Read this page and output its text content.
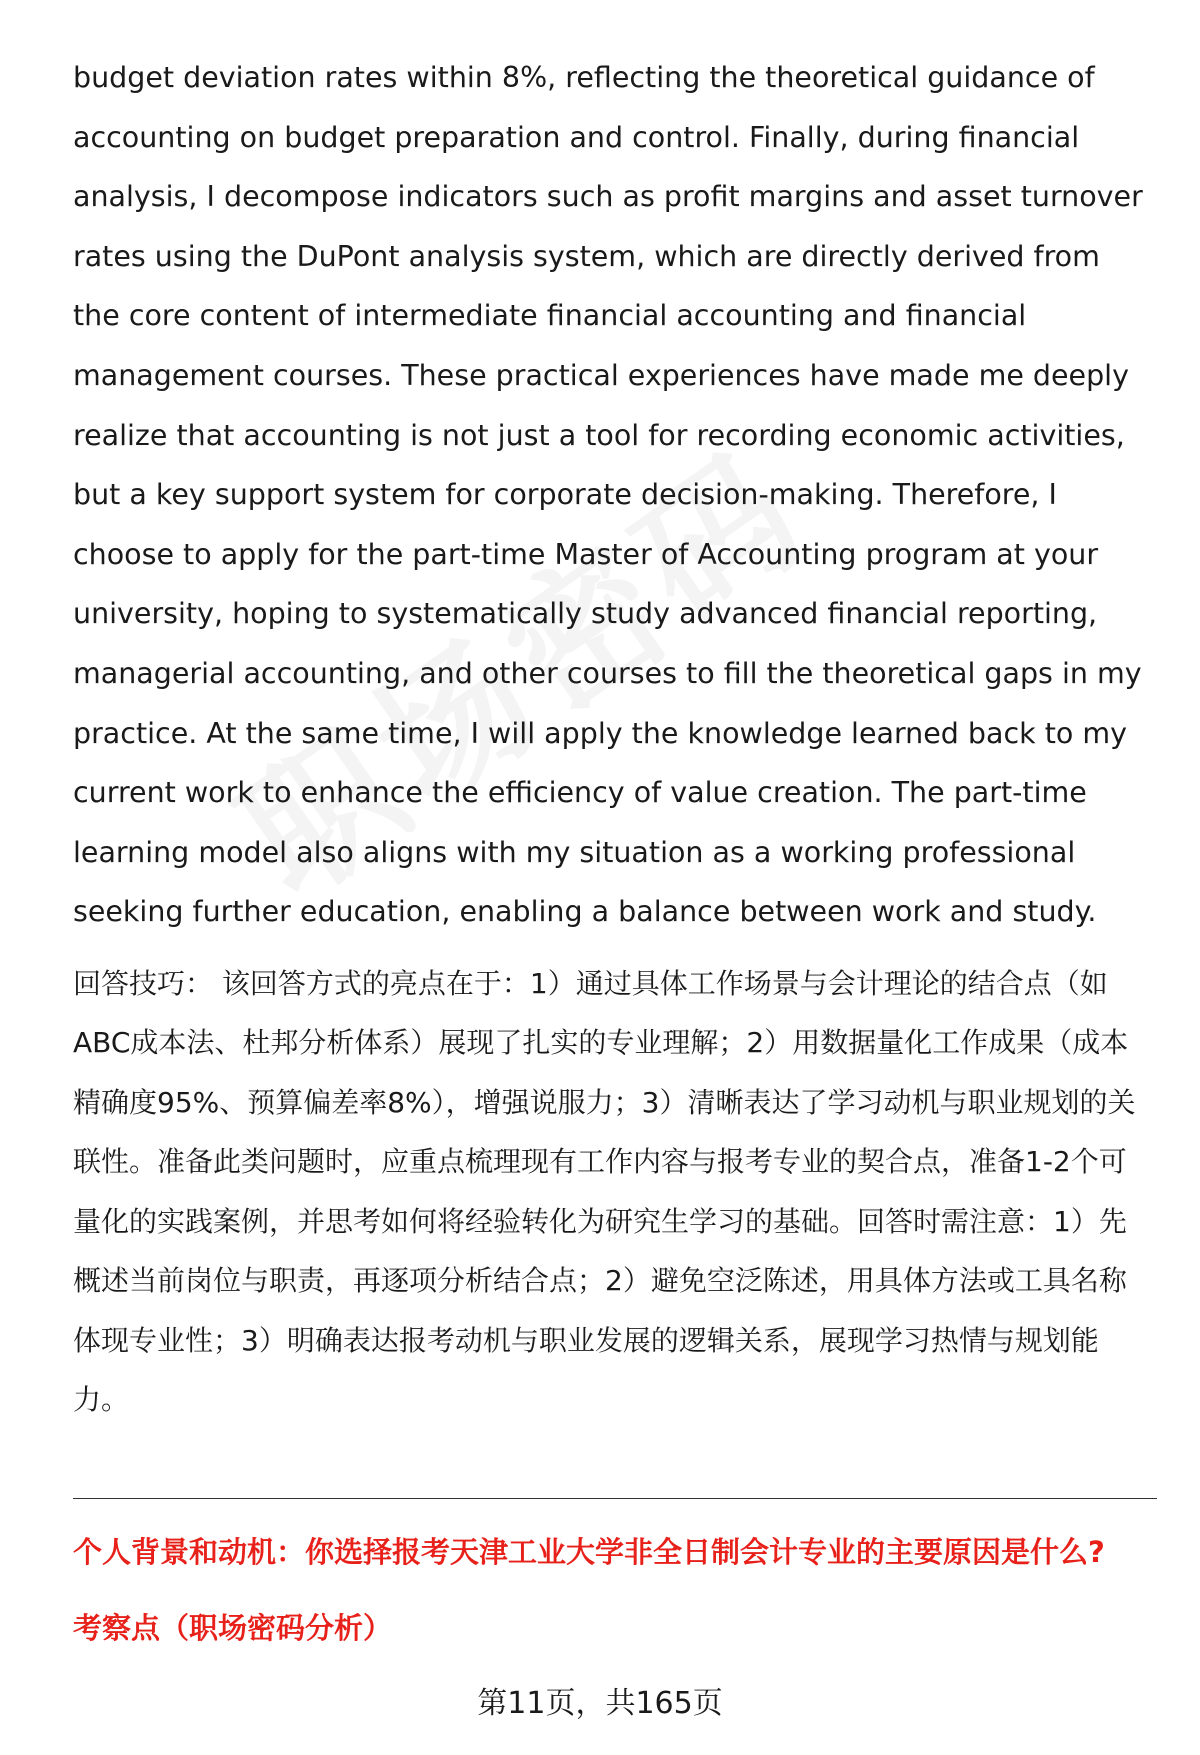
budget deviation rates within 8%, reflecting the theoretical guidance of accounting on budget preparation and control. Finally, during financial analysis, I decompose indicators such as profit margins and asset turnover rates using the DuPont analysis system, which are directly derived from the core content of intermediate financial accounting and financial management courses. These practical experiences have made me deeply realize that accounting is not just a tool for recording economic activities, but a key support system for corporate decision-making. Therefore, I choose to apply for the part-time Master of Accounting program at your university, hoping to systematically study advanced financial reporting, managerial accounting, and other courses to fill the theoretical gaps in my practice. At the same time, I will apply the knowledge learned back to my current work to enhance the efficiency of value creation. The part-time learning model also aligns with my situation as a working professional seeking further education, enabling a balance between work and study.

回答技巧： 该回答方式的亮点在于：1）通过具体工作场景与会计理论的结合点（如ABC成本法、杜邦分析体系）展现了扎实的专业理解；2）用数据量化工作成果（成本精确度95%、预算偏差率8%），增强说服力；3）清晰表达了学习动机与职业规划的关联性。准备此类问题时，应重点梳理现有工作内容与报考专业的契合点，准备1-2个可量化的实践案例，并思考如何将经验转化为研究生学习的基础。回答时需注意：1）先概述当前岗位与职责，再逐项分析结合点；2）避免空泛陈述，用具体方法或工具名称体现专业性；3）明确表达报考动机与职业发展的逻辑关系，展现学习热情与规划能力。

个人背景和动机：你选择报考天津工业大学非全日制会计专业的主要原因是什么?

考察点（职场密码分析）

第11页，共165页
